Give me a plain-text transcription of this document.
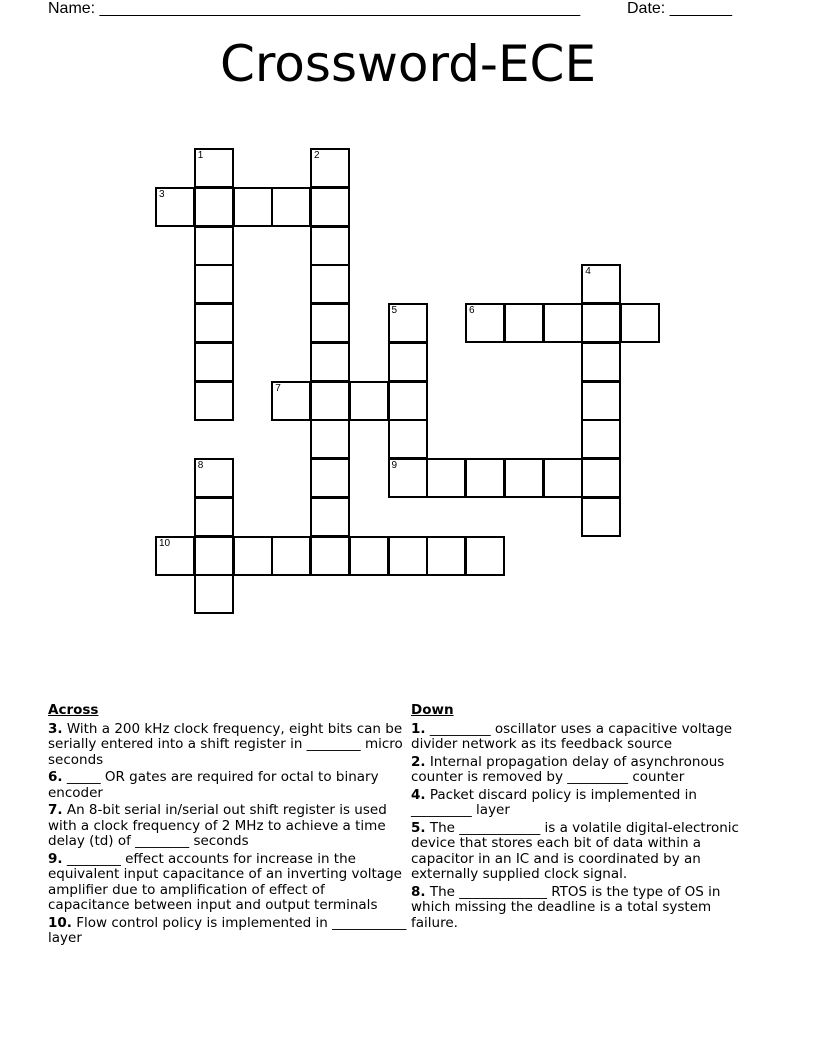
Name: ______________________________________________________	Date: _______
Crossword-ECE
1	2
3
4
5	6
7
8	9
10
Across
3. With a 200 kHz clock frequency, eight bits can be serially entered into a shift register in ________ micro seconds
6. _____ OR gates are required for octal to binary encoder
7. An 8-bit serial in/serial out shift register is used with a clock frequency of 2 MHz to achieve a time delay (td) of ________ seconds
9. ________ effect accounts for increase in the equivalent input capacitance of an inverting voltage amplifier due to amplification of effect of capacitance between input and output terminals
10. Flow control policy is implemented in ___________ layer
Down
1. _________ oscillator uses a capacitive voltage divider network as its feedback source
2. Internal propagation delay of asynchronous counter is removed by _________ counter
4. Packet discard policy is implemented in _________ layer
5. The ____________ is a volatile digital-electronic device that stores each bit of data within a capacitor in an IC and is coordinated by an externally supplied clock signal.
8. The _____________ RTOS is the type of OS in which missing the deadline is a total system failure.
